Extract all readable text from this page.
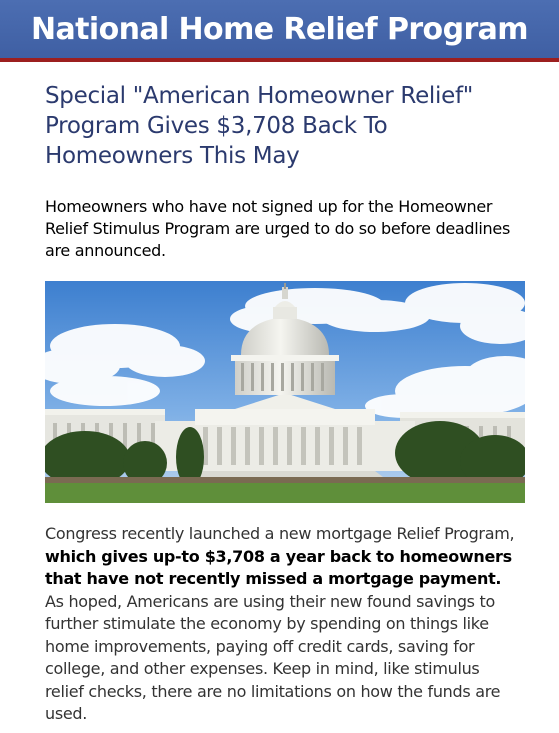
National Home Relief Program
Special "American Homeowner Relief" Program Gives $3,708 Back To Homeowners This May

Homeowners who have not signed up for the Homeowner Relief Stimulus Program are urged to do so before deadlines are announced.

Congress recently launched a new mortgage Relief Program, which gives up-to $3,708 a year back to homeowners that have not recently missed a mortgage payment. As hoped, Americans are using their new found savings to further stimulate the economy by spending on things like home improvements, paying off credit cards, saving for college, and other expenses. Keep in mind, like stimulus relief checks, there are no limitations on how the funds are used.
